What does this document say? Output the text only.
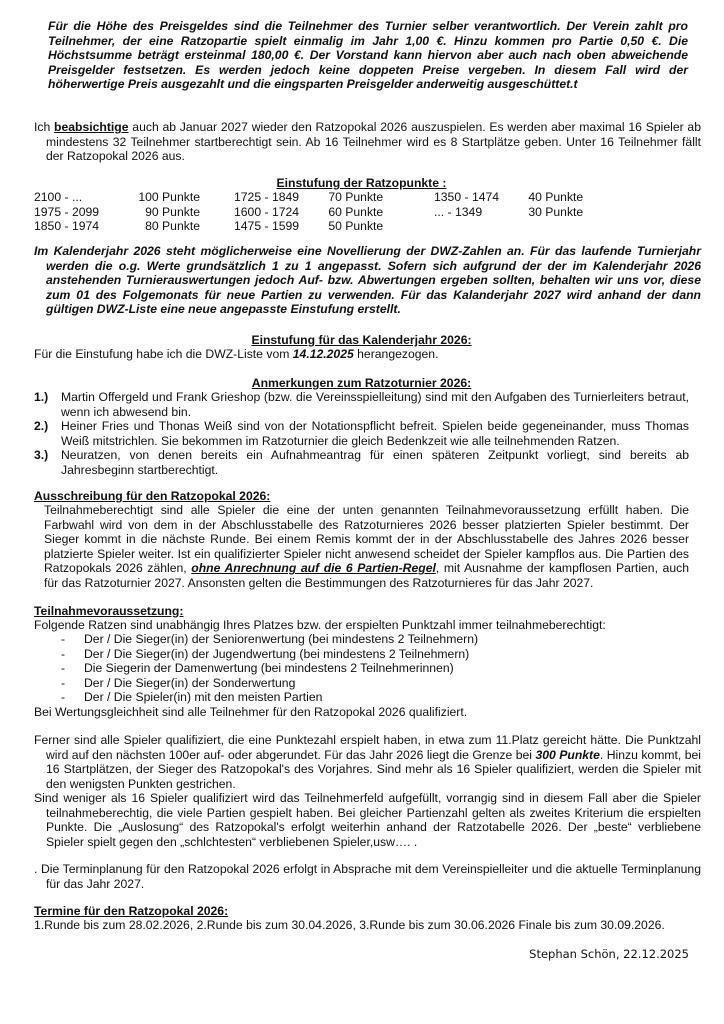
Für die Höhe des Preisgeldes sind die Teilnehmer des Turnier selber verantwortlich. Der Verein zahlt pro Teilnehmer, der eine Ratzopartie spielt einmalig im Jahr 1,00 €. Hinzu kommen pro Partie 0,50 €. Die Höchstsumme beträgt ersteinmal 180,00 €. Der Vorstand kann hiervon aber auch nach oben abweichende Preisgelder festsetzen. Es werden jedoch keine doppeten Preise vergeben. In diesem Fall wird der höherwertige Preis ausgezahlt und die eingsparten Preisgelder anderweitig ausgeschüttet.t

Ich beabsichtige auch ab Januar 2027 wieder den Ratzopokal 2026 auszuspielen. Es werden aber maximal 16 Spieler ab mindestens 32 Teilnehmer startberechtigt sein. Ab 16 Teilnehmer wird es 8 Startplätze geben. Unter 16 Teilnehmer fällt der Ratzopokal 2026 aus.

Einstufung der Ratzopunkte :

2100 - ...	100 Punkte	1725 - 1849	70 Punkte	1350 - 1474	40 Punkte
1975 - 2099	90 Punkte	1600 - 1724	60 Punkte	... - 1349	30 Punkte
1850 - 1974	80 Punkte	1475 - 1599	50 Punkte

Im Kalenderjahr 2026 steht möglicherweise eine Novellierung der DWZ-Zahlen an. Für das laufende Turnierjahr werden die o.g. Werte grundsätzlich 1 zu 1 angepasst. Sofern sich aufgrund der der im Kalenderjahr 2026 anstehenden Turnierauswertungen jedoch Auf- bzw. Abwertungen ergeben sollten, behalten wir uns vor, diese zum 01 des Folgemonats für neue Partien zu verwenden. Für das Kalanderjahr 2027 wird anhand der dann gültigen DWZ-Liste eine neue angepasste Einstufung erstellt.

Einstufung für das Kalenderjahr 2026:

Für die Einstufung habe ich die DWZ-Liste vom 14.12.2025 herangezogen.

Anmerkungen zum Ratzoturnier 2026:

1.)	Martin Offergeld und Frank Grieshop (bzw. die Vereinsspielleitung) sind mit den Aufgaben des Turnierleiters betraut, wenn ich abwesend bin.
2.)	Heiner Fries und Thonas Weiß sind von der Notationspflicht befreit. Spielen beide gegeneinander, muss Thomas Weiß mitstrichlen. Sie bekommen im Ratzoturnier die gleich Bedenkzeit wie alle teilnehmenden Ratzen.
3.)	Neuratzen, von denen bereits ein Aufnahmeantrag für einen späteren Zeitpunkt vorliegt, sind bereits ab Jahresbeginn startberechtigt.

Ausschreibung für den Ratzopokal 2026:

Teilnahmeberechtigt sind alle Spieler die eine der unten genannten Teilnahmevoraussetzung erfüllt haben. Die Farbwahl wird von dem in der Abschlusstabelle des Ratzoturnieres 2026 besser platzierten Spieler bestimmt. Der Sieger kommt in die nächste Runde. Bei einem Remis kommt der in der Abschlusstabelle des Jahres 2026 besser platzierte Spieler weiter. Ist ein qualifizierter Spieler nicht anwesend scheidet der Spieler kampflos aus. Die Partien des Ratzopokals 2026 zählen, ohne Anrechnung auf die 6 Partien-Regel, mit Ausnahme der kampflosen Partien, auch für das Ratzoturnier 2027. Ansonsten gelten die Bestimmungen des Ratzoturnieres für das Jahr 2027.

Teilnahmevoraussetzung:

Folgende Ratzen sind unabhängig Ihres Platzes bzw. der erspielten Punktzahl immer teilnahmeberechtigt:

-	Der / Die Sieger(in) der Seniorenwertung (bei mindestens 2 Teilnehmern)
-	Der / Die Sieger(in) der Jugendwertung (bei mindestens 2 Teilnehmern)
-	Die Siegerin der Damenwertung (bei mindestens 2 Teilnehmerinnen)
-	Der / Die Sieger(in) der Sonderwertung
-	Der / Die Spieler(in) mit den meisten Partien

Bei Wertungsgleichheit sind alle Teilnehmer für den Ratzopokal 2026 qualifiziert.

Ferner sind alle Spieler qualifiziert, die eine Punktezahl erspielt haben, in etwa zum 11.Platz gereicht hätte. Die Punktzahl wird auf den nächsten 100er auf- oder abgerundet. Für das Jahr 2026 liegt die Grenze bei 300 Punkte. Hinzu kommt, bei 16 Startplätzen, der Sieger des Ratzopokal's des Vorjahres. Sind mehr als 16 Spieler qualifiziert, werden die Spieler mit den wenigsten Punkten gestrichen.

Sind weniger als 16 Spieler qualifiziert wird das Teilnehmerfeld aufgefüllt, vorrangig sind in diesem Fall aber die Spieler teilnahmeberechtig, die viele Partien gespielt haben. Bei gleicher Partienzahl gelten als zweites Kriterium die erspielten Punkte. Die „Auslosung“ des Ratzopokal's erfolgt weiterhin anhand der Ratzotabelle 2026. Der „beste“ verbliebene Spieler spielt gegen den „schlchtesten“ verbliebenen Spieler,usw…. .

. Die Terminplanung für den Ratzopokal 2026 erfolgt in Absprache mit dem Vereinspielleiter und die aktuelle Terminplanung für das Jahr 2027.

Termine für den Ratzopokal 2026:

1.Runde bis zum 28.02.2026, 2.Runde bis zum 30.04.2026, 3.Runde bis zum 30.06.2026 Finale bis zum 30.09.2026.

Stephan Schön, 22.12.2025
